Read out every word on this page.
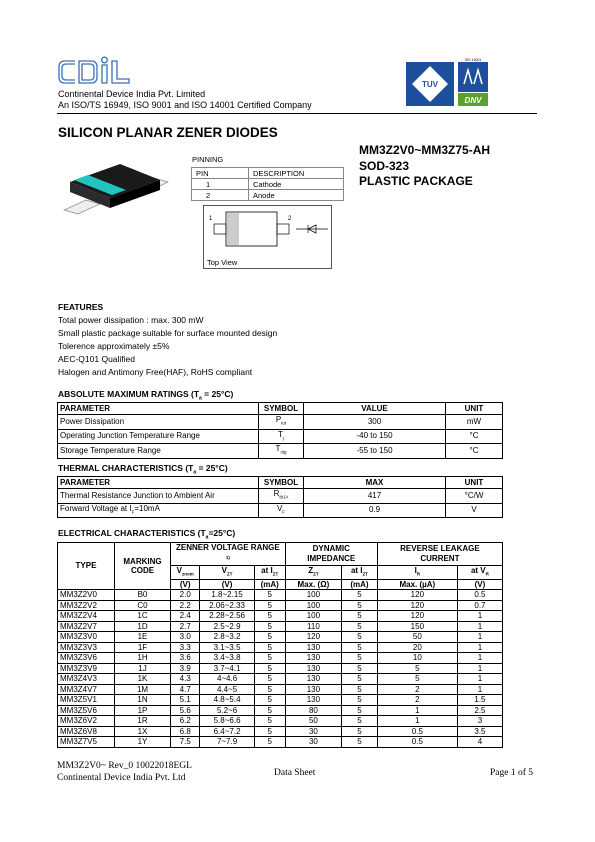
Continental Device India Pvt. Limited
An ISO/TS 16949, ISO 9001 and ISO 14001 Certified Company
TUV
ISO 14001
DNV
SILICON PLANAR ZENER DIODES
MM3Z2V0~MM3Z75-AH
SOD-323
PLASTIC PACKAGE
PINNING
PIN	DESCRIPTION
1	Cathode
2	Anode
1	2
Top View
FEATURES
Total power dissipation : max. 300 mW
Small plastic package suitable for surface mounted design
Tolerence approximately ±5%
AEC-Q101 Qualified
Halogen and Antimony Free(HAF), RoHS compliant
ABSOLUTE MAXIMUM RATINGS $(T_a = 25^\circ C)$
PARAMETER	SYMBOL	VALUE	UNIT
Power Dissipation	$P_{tot}$	300	mW
Operating Junction Temperature Range	$T_j$	-40 to 150	°C
Storage Temperature Range	$T_{stg}$	-55 to 150	°C
THERMAL CHARACTERISTICS $(T_a = 25^\circ C)$
PARAMETER	SYMBOL	MAX	UNIT
Thermal Resistance Junction to Ambient Air	$R_{thJA}$	417	°C/W
Forward Voltage at $I_F=10mA$	$V_F$	0.9	V
ELECTRICAL CHARACTERISTICS $(T_a=25^\circ C)$
TYPE	MARKING CODE	ZENNER VOLTAGE RANGE $^{1)}$			DYNAMIC IMPEDANCE		REVERSE LEAKAGE CURRENT	
		$V_{znom}$	$V_{ZT}$	at $I_{ZT}$	$Z_{ZT}$	at $I_{ZT}$	$I_R$	at $V_R$
		(V)	(V)	(mA)	Max. (Ω)	(mA)	Max. (µA)	(V)
MM3Z2V0	B0	2.0	1.8~2.15	5	100	5	120	0.5
MM3Z2V2	C0	2.2	2.06~2.33	5	100	5	120	0.7
MM3Z2V4	1C	2.4	2.28~2.56	5	100	5	120	1
MM3Z2V7	1D	2.7	2.5~2.9	5	110	5	150	1
MM3Z3V0	1E	3.0	2.8~3.2	5	120	5	50	1
MM3Z3V3	1F	3.3	3.1~3.5	5	130	5	20	1
MM3Z3V6	1H	3.6	3.4~3.8	5	130	5	10	1
MM3Z3V9	1J	3.9	3.7~4.1	5	130	5	5	1
MM3Z4V3	1K	4.3	4~4.6	5	130	5	5	1
MM3Z4V7	1M	4.7	4.4~5	5	130	5	2	1
MM3Z5V1	1N	5.1	4.8~5.4	5	130	5	2	1.5
MM3Z5V6	1P	5.6	5.2~6	5	80	5	1	2.5
MM3Z6V2	1R	6.2	5.8~6.6	5	50	5	1	3
MM3Z6V8	1X	6.8	6.4~7.2	5	30	5	0.5	3.5
MM3Z7V5	1Y	7.5	7~7.9	5	30	5	0.5	4
MM3Z2V0~ Rev_0 10022018EGL
Continental Device India Pvt. Ltd	Data Sheet	Page 1 of 5
